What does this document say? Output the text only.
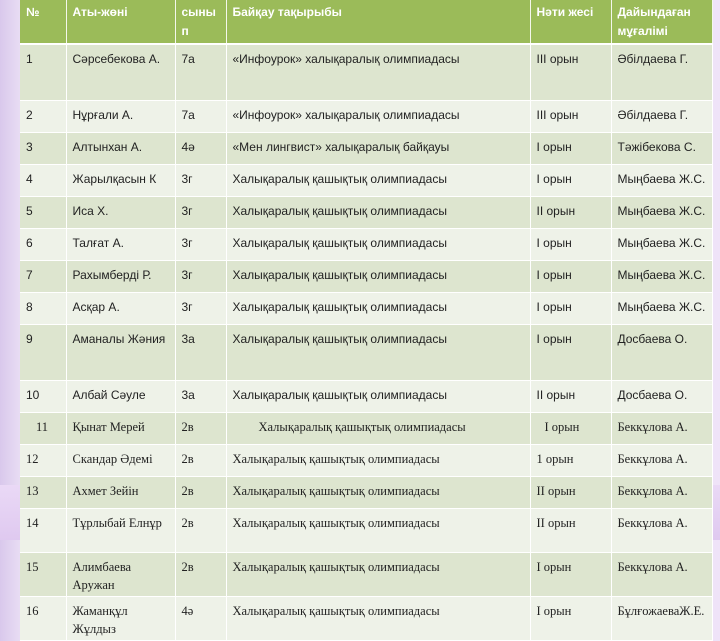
№	Аты-жөні	сыны п	Байқау тақырыбы	Нәти жесі	Дайындаған мұғалімі
1	Сәрсебекова А.	7а	«Инфоурок» халықаралық олимпиадасы	III орын	Әбілдаева Г.
2	Нұрғали А.	7а	«Инфоурок» халықаралық олимпиадасы	III орын	Әбілдаева Г.
3	Алтынхан А.	4ә	«Мен лингвист» халықаралық байқауы	I орын	Тәжібекова С.
4	Жарылқасын К	3г	Халықаралық қашықтық олимпиадасы	I орын	Мыңбаева Ж.С.
5	Иса Х.	3г	Халықаралық қашықтық олимпиадасы	II орын	Мыңбаева Ж.С.
6	Талғат А.	3г	Халықаралық қашықтық олимпиадасы	I орын	Мыңбаева Ж.С.
7	Рахымберді Р.	3г	Халықаралық қашықтық олимпиадасы	I орын	Мыңбаева Ж.С.
8	Асқар А.	3г	Халықаралық қашықтық олимпиадасы	I орын	Мыңбаева Ж.С.
9	Аманалы Жәния	3а	Халықаралық қашықтық олимпиадасы	I орын	Досбаева О.
10	Албай Сәуле	3а	Халықаралық қашықтық олимпиадасы	II орын	Досбаева О.
11	Қынат Мерей	2в	Халықаралық қашықтық олимпиадасы	I орын	Беккұлова А.
12	Скандар Әдемі	2в	Халықаралық қашықтық олимпиадасы	1 орын	Беккұлова А.
13	Ахмет Зейін	2в	Халықаралық қашықтық олимпиадасы	II орын	Беккұлова А.
14	Тұрлыбай Елнұр	2в	Халықаралық қашықтық олимпиадасы	II орын	Беккұлова А.
15	Алимбаева Аружан	2в	Халықаралық қашықтық олимпиадасы	I орын	Беккұлова А.
16	Жаманқұл Жұлдыз	4ә	Халықаралық қашықтық олимпиадасы	I орын	БұлғожаеваЖ.Е.
